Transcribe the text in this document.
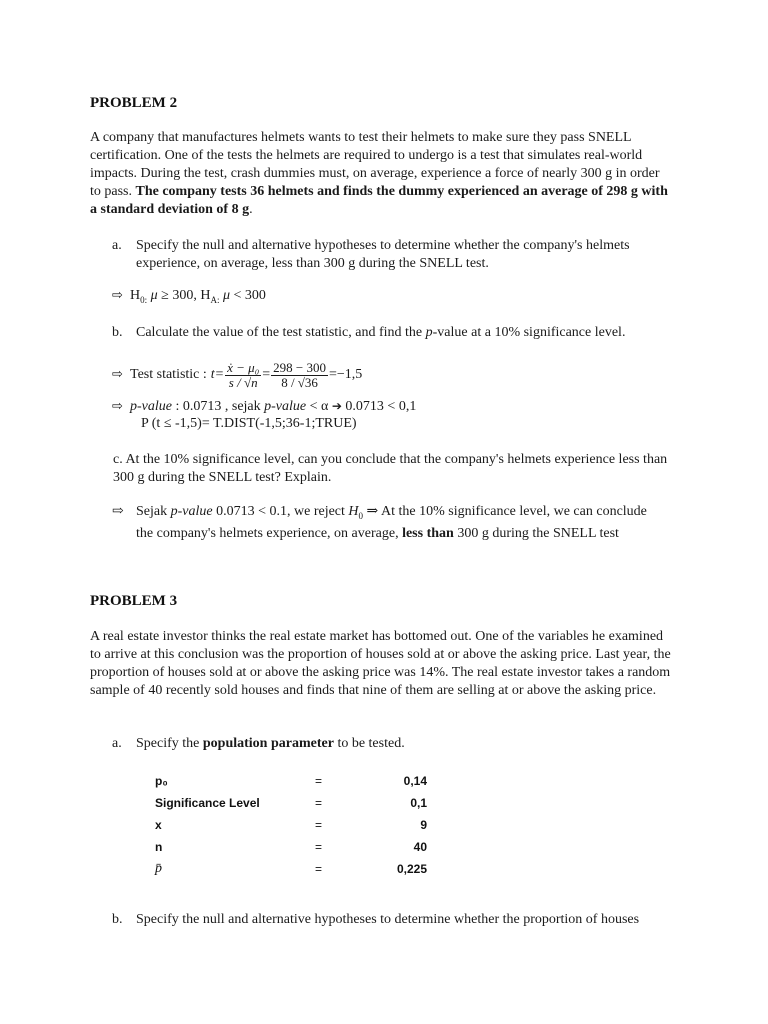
PROBLEM 2

A company that manufactures helmets wants to test their helmets to make sure they pass SNELL certification. One of the tests the helmets are required to undergo is a test that simulates real-world impacts. During the test, crash dummies must, on average, experience a force of nearly 300 g in order to pass. The company tests 36 helmets and finds the dummy experienced an average of 298 g with a standard deviation of 8 g.

a. Specify the null and alternative hypotheses to determine whether the company's helmets experience, on average, less than 300 g during the SNELL test.
⇨ $H_{0:}$ μ ≥ 300, $H_{A:}$ μ < 300
b. Calculate the value of the test statistic, and find the p-value at a 10% significance level.
⇨ Test statistic : $t= \frac{\text{ẋ − μ₀}}{s / √n} = \frac{298 - 300}{8 / √36} =-1,5$
⇨ p-value : 0.0713 , sejak p-value < α ➔ 0.0713 < 0,1
P (t ≤ -1,5)= T.DIST(-1,5;36-1;TRUE)
c. At the 10% significance level, can you conclude that the company's helmets experience less than 300 g during the SNELL test? Explain.
⇨ Sejak p-value 0.0713 < 0.1, we reject $H_0$ ⇒ At the 10% significance level, we can conclude the company's helmets experience, on average, less than 300 g during the SNELL test
PROBLEM 3

A real estate investor thinks the real estate market has bottomed out. One of the variables he examined to arrive at this conclusion was the proportion of houses sold at or above the asking price. Last year, the proportion of houses sold at or above the asking price was 14%. The real estate investor takes a random sample of 40 recently sold houses and finds that nine of them are selling at or above the asking price.

a. Specify the population parameter to be tested.
p₀	=	0,14
Significance Level	=	0,1
x	=	9
n	=	40
p̄	=	0,225
b. Specify the null and alternative hypotheses to determine whether the proportion of houses
